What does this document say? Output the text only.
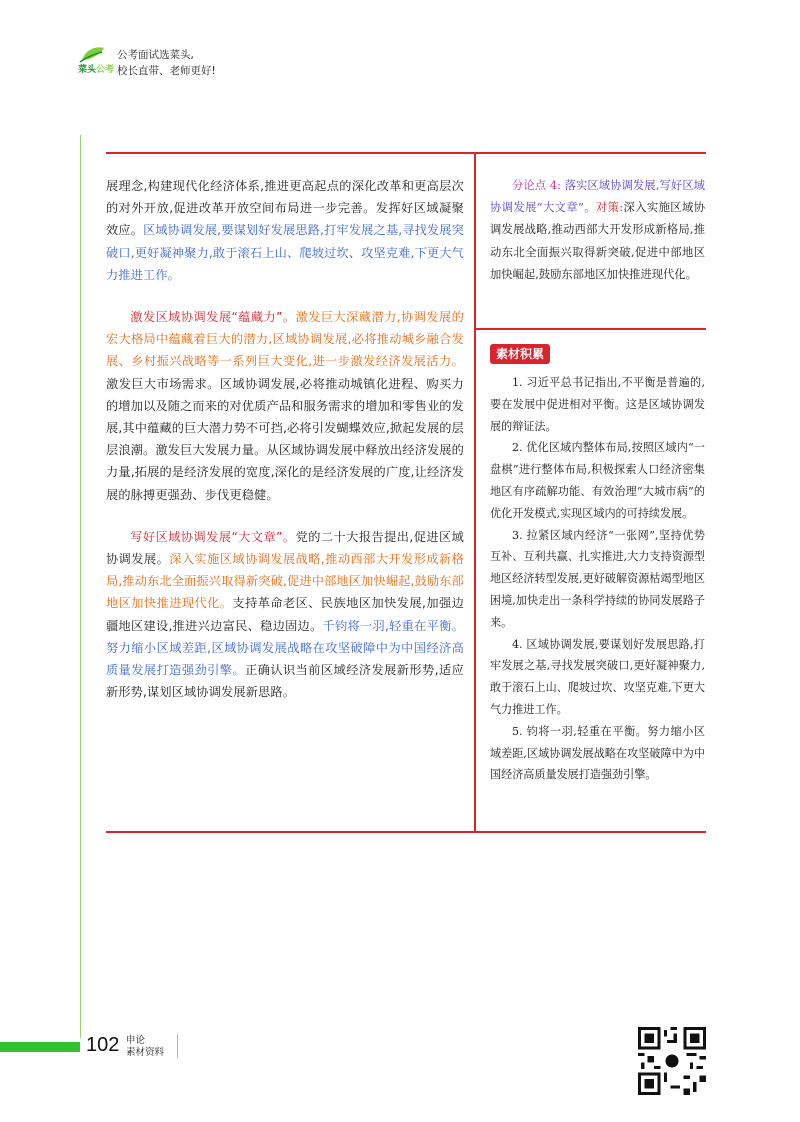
菜头公考
公考面试选菜头,
校长直带、老师更好!

展理念,构建现代化经济体系,推进更高起点的深化改革和更高层次的对外开放,促进改革开放空间布局进一步完善。发挥好区域凝聚效应。区域协调发展,要谋划好发展思路,打牢发展之基,寻找发展突破口,更好凝神聚力,敢于滚石上山、爬坡过坎、攻坚克难,下更大气力推进工作。

激发区域协调发展“蕴藏力”。激发巨大深藏潜力,协调发展的宏大格局中蕴藏着巨大的潜力,区域协调发展,必将推动城乡融合发展、乡村振兴战略等一系列巨大变化,进一步激发经济发展活力。激发巨大市场需求。区域协调发展,必将推动城镇化进程、购买力的增加以及随之而来的对优质产品和服务需求的增加和零售业的发展,其中蕴藏的巨大潜力势不可挡,必将引发蝴蝶效应,掀起发展的层层浪潮。激发巨大发展力量。从区域协调发展中释放出经济发展的力量,拓展的是经济发展的宽度,深化的是经济发展的广度,让经济发展的脉搏更强劲、步伐更稳健。

写好区域协调发展“大文章”。党的二十大报告提出,促进区域协调发展。深入实施区域协调发展战略,推动西部大开发形成新格局,推动东北全面振兴取得新突破,促进中部地区加快崛起,鼓励东部地区加快推进现代化。支持革命老区、民族地区加快发展,加强边疆地区建设,推进兴边富民、稳边固边。千钧将一羽,轻重在平衡。努力缩小区域差距,区域协调发展战略在攻坚破障中为中国经济高质量发展打造强劲引擎。正确认识当前区域经济发展新形势,适应新形势,谋划区域协调发展新思路。

分论点 4: 落实区域协调发展,写好区域协调发展“大文章”。对策:深入实施区域协调发展战略,推动西部大开发形成新格局,推动东北全面振兴取得新突破,促进中部地区加快崛起,鼓励东部地区加快推进现代化。
素材积累

1. 习近平总书记指出,不平衡是普遍的,要在发展中促进相对平衡。这是区域协调发展的辩证法。

2. 优化区域内整体布局,按照区域内“一盘棋”进行整体布局,积极探索人口经济密集地区有序疏解功能、有效治理“大城市病”的优化开发模式,实现区域内的可持续发展。

3. 拉紧区域内经济“一张网”,坚持优势互补、互利共赢、扎实推进,大力支持资源型地区经济转型发展,更好破解资源枯竭型地区困境,加快走出一条科学持续的协同发展路子来。

4. 区域协调发展,要谋划好发展思路,打牢发展之基,寻找发展突破口,更好凝神聚力,敢于滚石上山、爬坡过坎、攻坚克难,下更大气力推进工作。

5. 钧将一羽,轻重在平衡。努力缩小区域差距,区域协调发展战略在攻坚破障中为中国经济高质量发展打造强劲引擎。

102 申论
素材资料
